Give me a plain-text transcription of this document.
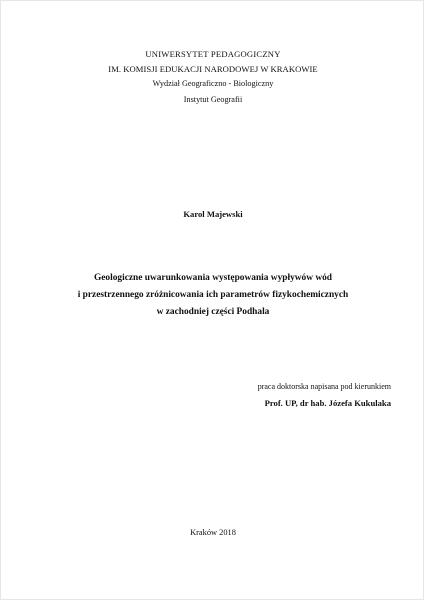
UNIWERSYTET PEDAGOGICZNY
IM. KOMISJI EDUKACJI NARODOWEJ W KRAKOWIE
Wydział Geograficzno - Biologiczny
Instytut Geografii
Karol Majewski
Geologiczne uwarunkowania występowania wypływów wód
i przestrzennego zróżnicowania ich parametrów fizykochemicznych
w zachodniej części Podhala
praca doktorska napisana pod kierunkiem
Prof. UP, dr hab. Józefa Kukulaka
Kraków 2018
